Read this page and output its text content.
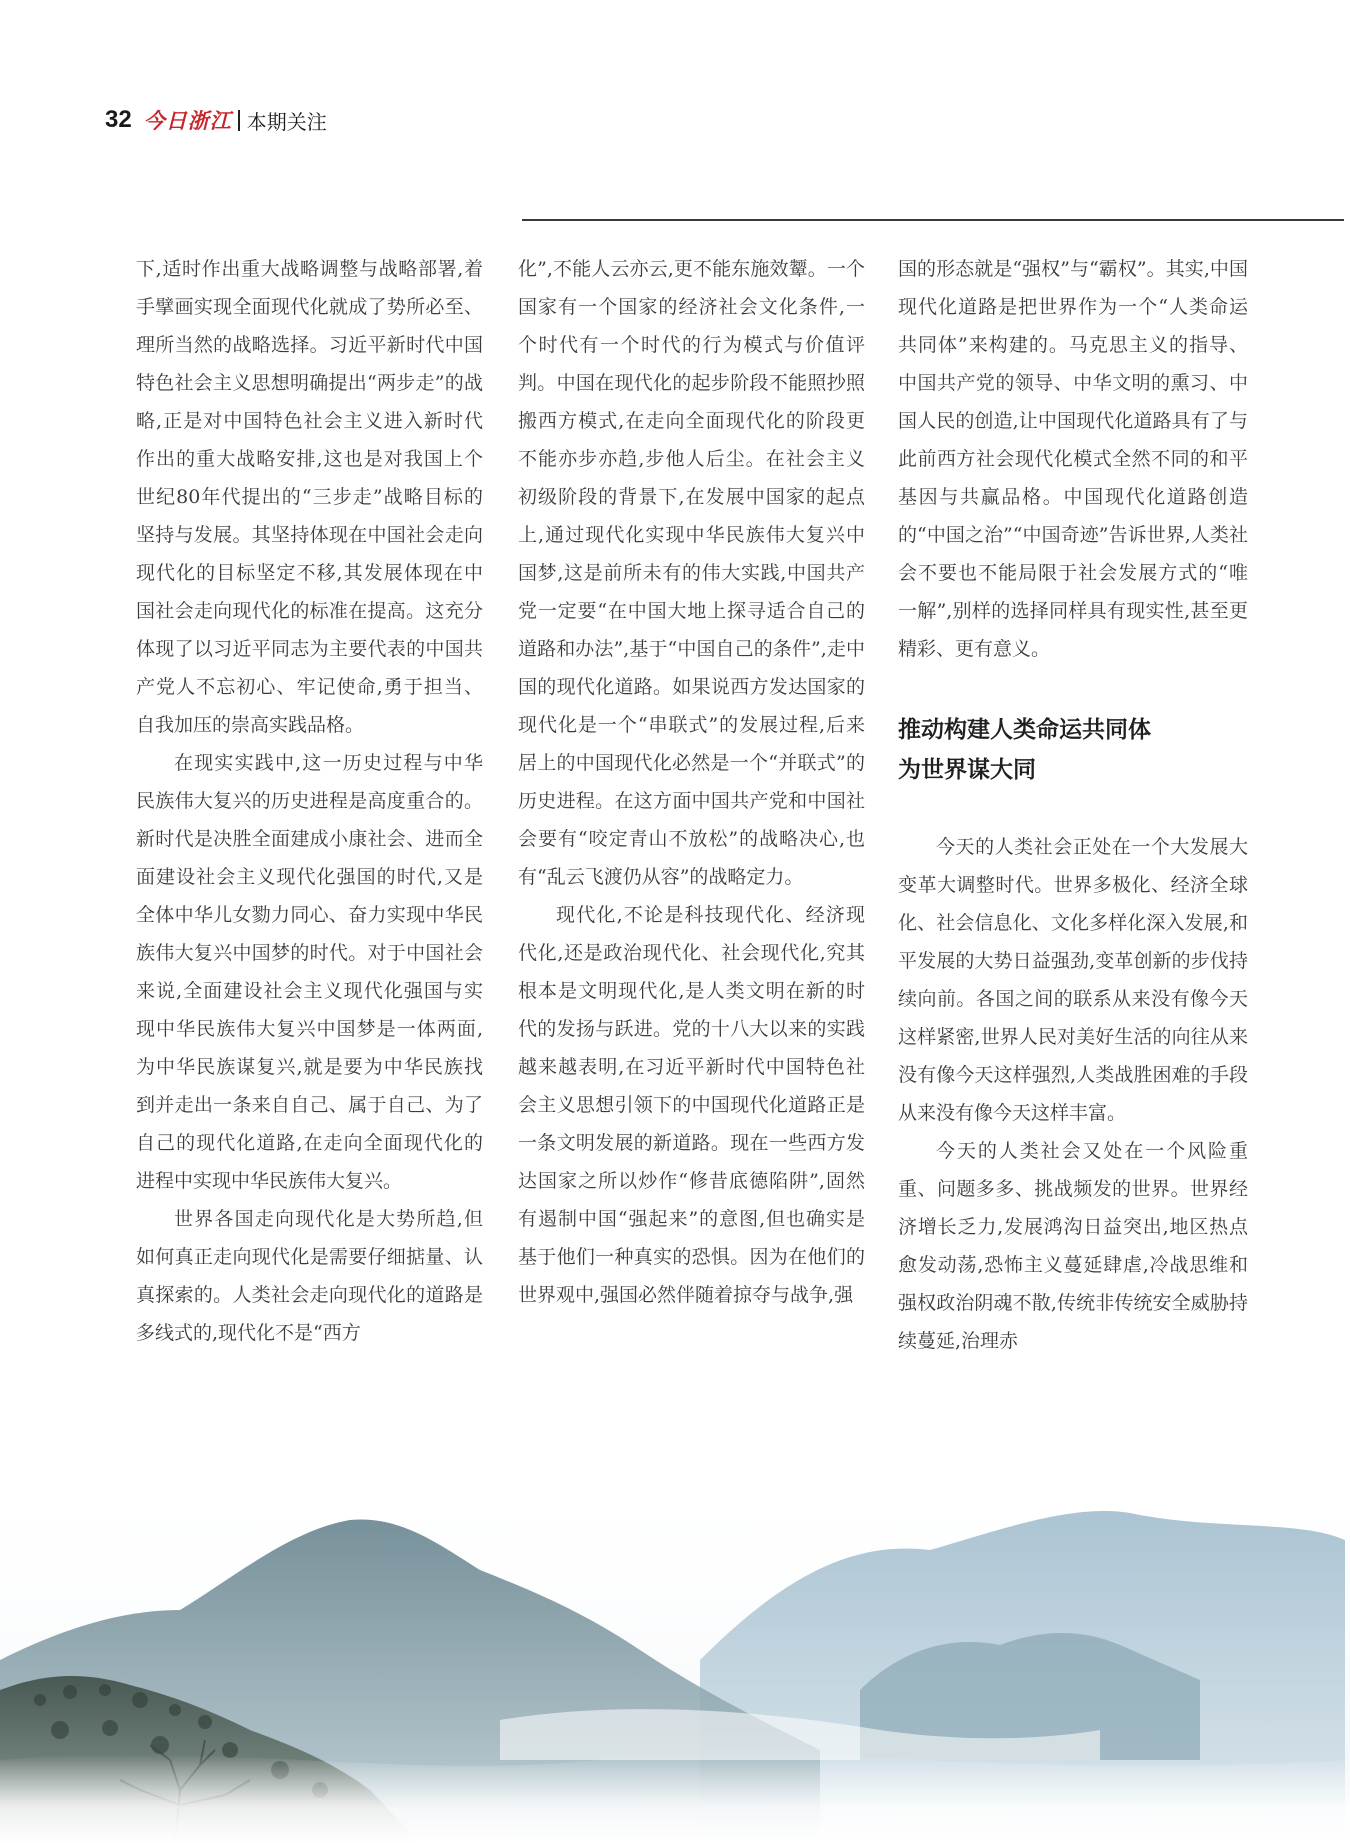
32 今日浙江 本期关注

下,适时作出重大战略调整与战略部署,着手擘画实现全面现代化就成了势所必至、理所当然的战略选择。习近平新时代中国特色社会主义思想明确提出“两步走”的战略,正是对中国特色社会主义进入新时代作出的重大战略安排,这也是对我国上个世纪80年代提出的“三步走”战略目标的坚持与发展。其坚持体现在中国社会走向现代化的目标坚定不移,其发展体现在中国社会走向现代化的标准在提高。这充分体现了以习近平同志为主要代表的中国共产党人不忘初心、牢记使命,勇于担当、自我加压的崇高实践品格。

在现实实践中,这一历史过程与中华民族伟大复兴的历史进程是高度重合的。新时代是决胜全面建成小康社会、进而全面建设社会主义现代化强国的时代,又是全体中华儿女勠力同心、奋力实现中华民族伟大复兴中国梦的时代。对于中国社会来说,全面建设社会主义现代化强国与实现中华民族伟大复兴中国梦是一体两面,为中华民族谋复兴,就是要为中华民族找到并走出一条来自自己、属于自己、为了自己的现代化道路,在走向全面现代化的进程中实现中华民族伟大复兴。

世界各国走向现代化是大势所趋,但如何真正走向现代化是需要仔细掂量、认真探索的。人类社会走向现代化的道路是多线式的,现代化不是“西方

化”,不能人云亦云,更不能东施效颦。一个国家有一个国家的经济社会文化条件,一个时代有一个时代的行为模式与价值评判。中国在现代化的起步阶段不能照抄照搬西方模式,在走向全面现代化的阶段更不能亦步亦趋,步他人后尘。在社会主义初级阶段的背景下,在发展中国家的起点上,通过现代化实现中华民族伟大复兴中国梦,这是前所未有的伟大实践,中国共产党一定要“在中国大地上探寻适合自己的道路和办法”,基于“中国自己的条件”,走中国的现代化道路。如果说西方发达国家的现代化是一个“串联式”的发展过程,后来居上的中国现代化必然是一个“并联式”的历史进程。在这方面中国共产党和中国社会要有“咬定青山不放松”的战略决心,也有“乱云飞渡仍从容”的战略定力。

现代化,不论是科技现代化、经济现代化,还是政治现代化、社会现代化,究其根本是文明现代化,是人类文明在新的时代的发扬与跃进。党的十八大以来的实践越来越表明,在习近平新时代中国特色社会主义思想引领下的中国现代化道路正是一条文明发展的新道路。现在一些西方发达国家之所以炒作“修昔底德陷阱”,固然有遏制中国“强起来”的意图,但也确实是基于他们一种真实的恐惧。因为在他们的世界观中,强国必然伴随着掠夺与战争,强

国的形态就是“强权”与“霸权”。其实,中国现代化道路是把世界作为一个“人类命运共同体”来构建的。马克思主义的指导、中国共产党的领导、中华文明的熏习、中国人民的创造,让中国现代化道路具有了与此前西方社会现代化模式全然不同的和平基因与共赢品格。中国现代化道路创造的“中国之治”“中国奇迹”告诉世界,人类社会不要也不能局限于社会发展方式的“唯一解”,别样的选择同样具有现实性,甚至更精彩、更有意义。

推动构建人类命运共同体
为世界谋大同

今天的人类社会正处在一个大发展大变革大调整时代。世界多极化、经济全球化、社会信息化、文化多样化深入发展,和平发展的大势日益强劲,变革创新的步伐持续向前。各国之间的联系从来没有像今天这样紧密,世界人民对美好生活的向往从来没有像今天这样强烈,人类战胜困难的手段从来没有像今天这样丰富。

今天的人类社会又处在一个风险重重、问题多多、挑战频发的世界。世界经济增长乏力,发展鸿沟日益突出,地区热点愈发动荡,恐怖主义蔓延肆虐,冷战思维和强权政治阴魂不散,传统非传统安全威胁持续蔓延,治理赤
